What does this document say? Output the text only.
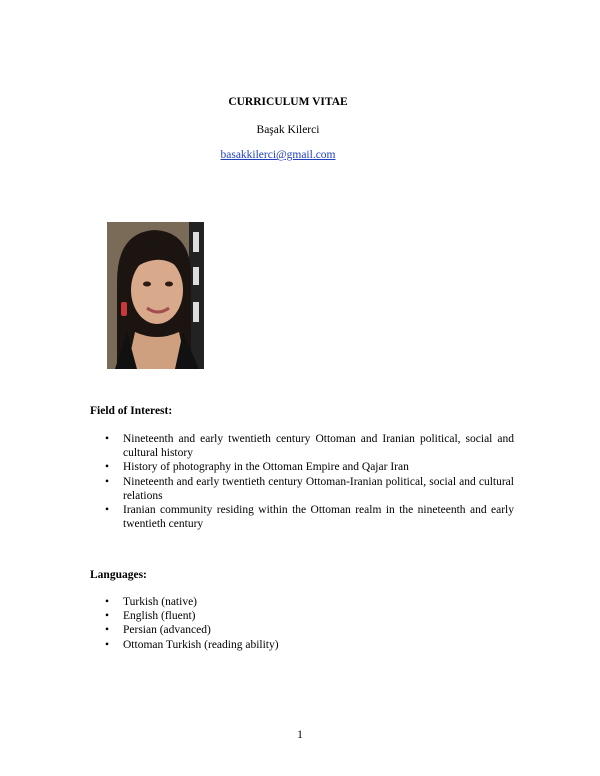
CURRICULUM VITAE
Başak Kilerci
basakkilerci@gmail.com
Field of Interest:
• Nineteenth and early twentieth century Ottoman and Iranian political, social and cultural history
• History of photography in the Ottoman Empire and Qajar Iran
• Nineteenth and early twentieth century Ottoman-Iranian political, social and cultural relations
• Iranian community residing within the Ottoman realm in the nineteenth and early twentieth century
Languages:
• Turkish (native)
• English (fluent)
• Persian (advanced)
• Ottoman Turkish (reading ability)
1
